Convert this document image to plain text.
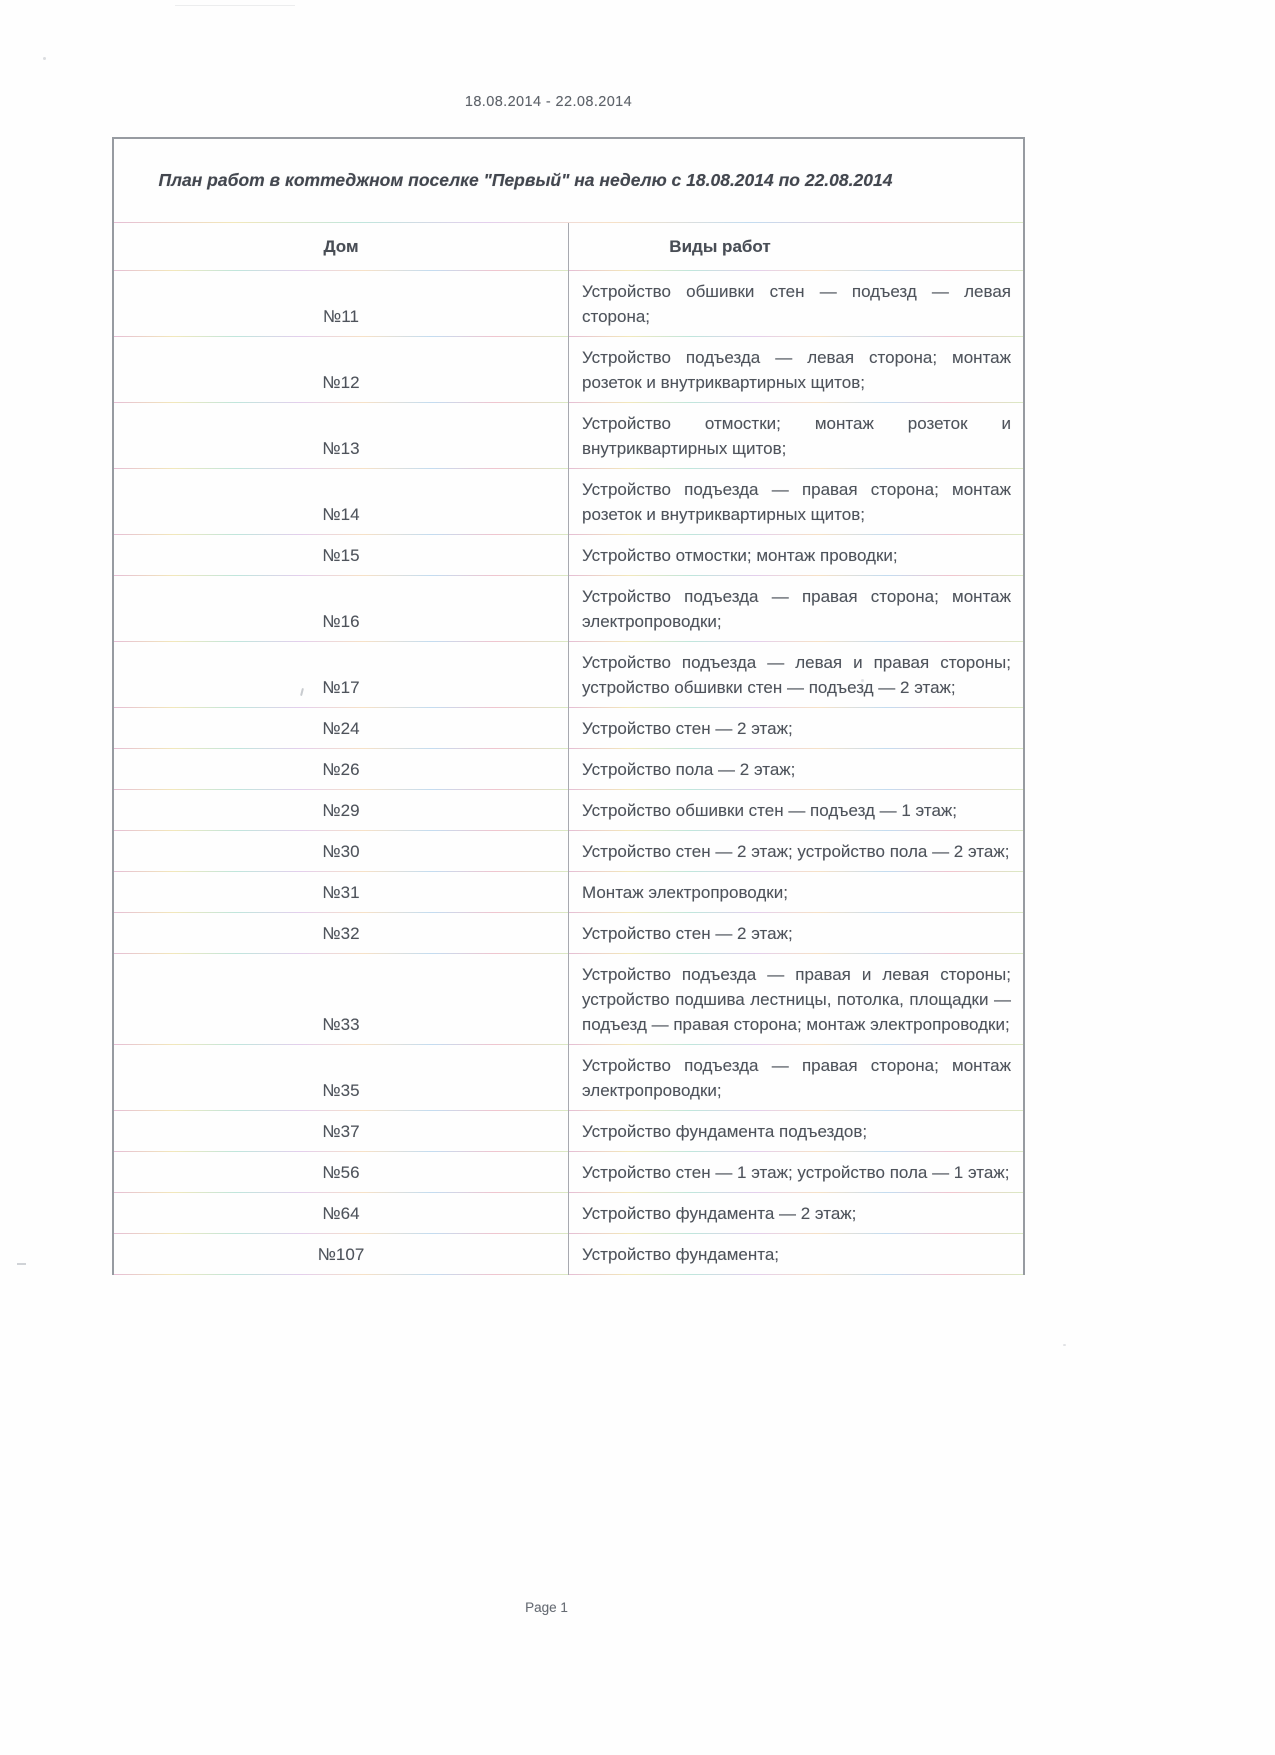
18.08.2014 - 22.08.2014
План работ в коттеджном поселке "Первый" на неделю с 18.08.2014 по 22.08.2014	
Дом	Виды работ
№11	Устройство обшивки стен — подъезд — левая сторона;
№12	Устройство подъезда — левая сторона; монтаж розеток и внутриквартирных щитов;
№13	Устройство отмостки; монтаж розеток и внутриквартирных щитов;
№14	Устройство подъезда — правая сторона; монтаж розеток и внутриквартирных щитов;
№15	Устройство отмостки; монтаж проводки;
№16	Устройство подъезда — правая сторона; монтаж электропроводки;
№17	Устройство подъезда — левая и правая стороны; устройство обшивки стен — подъезд — 2 этаж;
№24	Устройство стен — 2 этаж;
№26	Устройство пола — 2 этаж;
№29	Устройство обшивки стен — подъезд — 1 этаж;
№30	Устройство стен — 2 этаж; устройство пола — 2 этаж;
№31	Монтаж электропроводки;
№32	Устройство стен — 2 этаж;
№33	Устройство подъезда — правая и левая стороны; устройство подшива лестницы, потолка, площадки — подъезд — правая сторона; монтаж электропроводки;
№35	Устройство подъезда — правая сторона; монтаж электропроводки;
№37	Устройство фундамента подъездов;
№56	Устройство стен — 1 этаж; устройство пола — 1 этаж;
№64	Устройство фундамента — 2 этаж;
№107	Устройство фундамента;
Page 1
